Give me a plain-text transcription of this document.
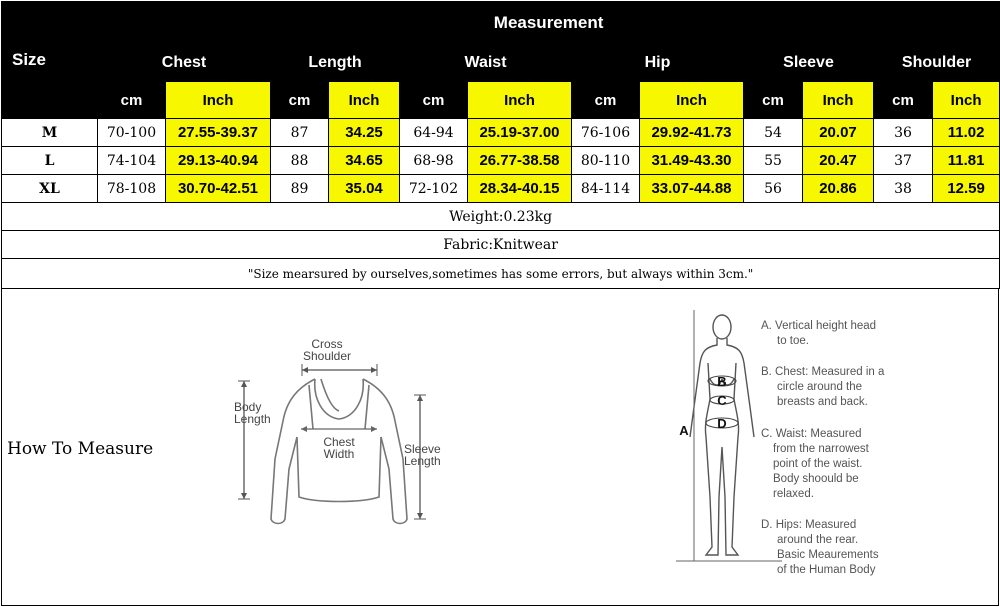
Size	Measurement											
	Chest		Length		Waist		Hip		Sleeve		Shoulder	
	cm	Inch	cm	Inch	cm	Inch	cm	Inch	cm	Inch	cm	Inch
M	70-100	27.55-39.37	87	34.25	64-94	25.19-37.00	76-106	29.92-41.73	54	20.07	36	11.02
L	74-104	29.13-40.94	88	34.65	68-98	26.77-38.58	80-110	31.49-43.30	55	20.47	37	11.81
XL	78-108	30.70-42.51	89	35.04	72-102	28.34-40.15	84-114	33.07-44.88	56	20.86	38	12.59
Weight:0.23kg												
Fabric:Knitwear												
"Size mearsured by ourselves,sometimes has some errors, but always within 3cm."												
How To Measure
Cross
Shoulder
Body
Length
Chest
Width	Sleeve
Length
B
C
D
A
A. Vertical height head
to toe.
B. Chest: Measured in a
circle around the
breasts and back.
C. Waist: Measured
from the narrowest
point of the waist.
Body shoould be
relaxed.
D. Hips: Measured
around the rear.
Basic Meaurements
of the Human Body
